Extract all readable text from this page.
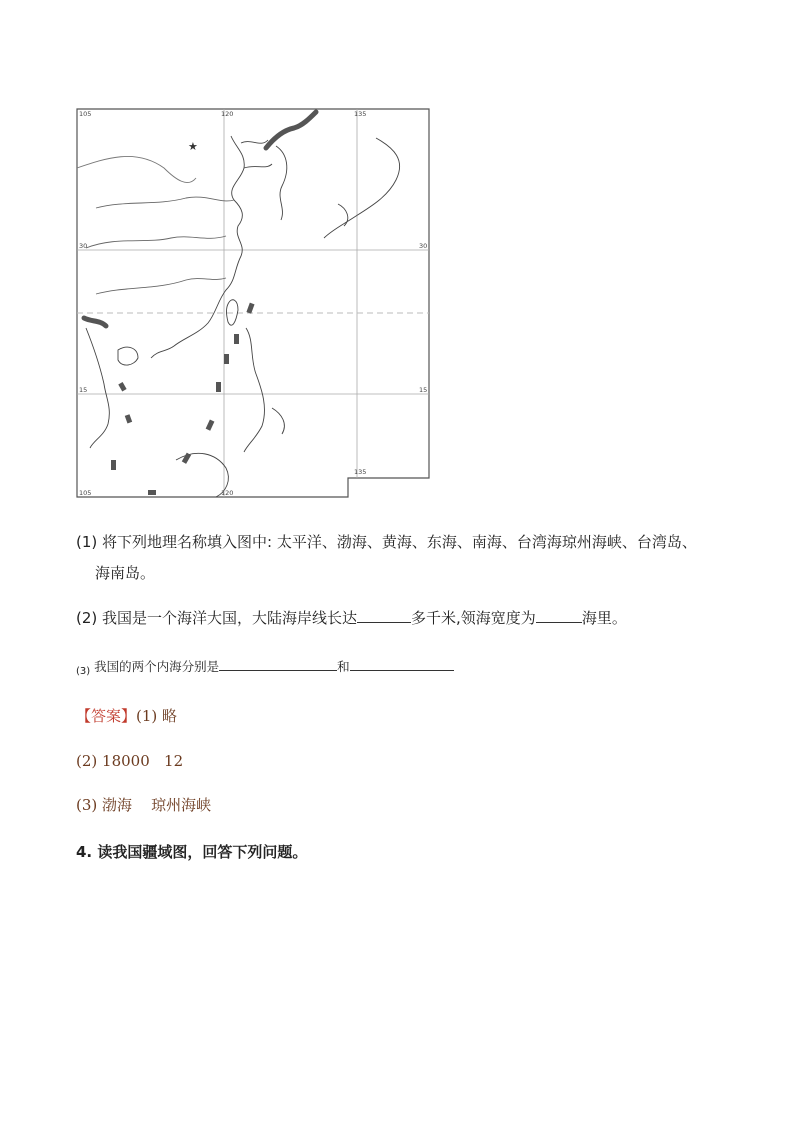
★
105	120	135
30	30
15	15
105	120
135
(1) 将下列地理名称填入图中: 太平洋、渤海、黄海、东海、南海、台湾海琼州海峡、台湾岛、
海南岛。
(2) 我国是一个海洋大国，大陆海岸线长达	多千米,领海宽度为	海里。
$_{(3)}$ 我国的两个内海分别是	和
【答案】(1) 略
(2) 18000   12
(3) 渤海    琼州海峡
4. 读我国疆域图，回答下列问题。
